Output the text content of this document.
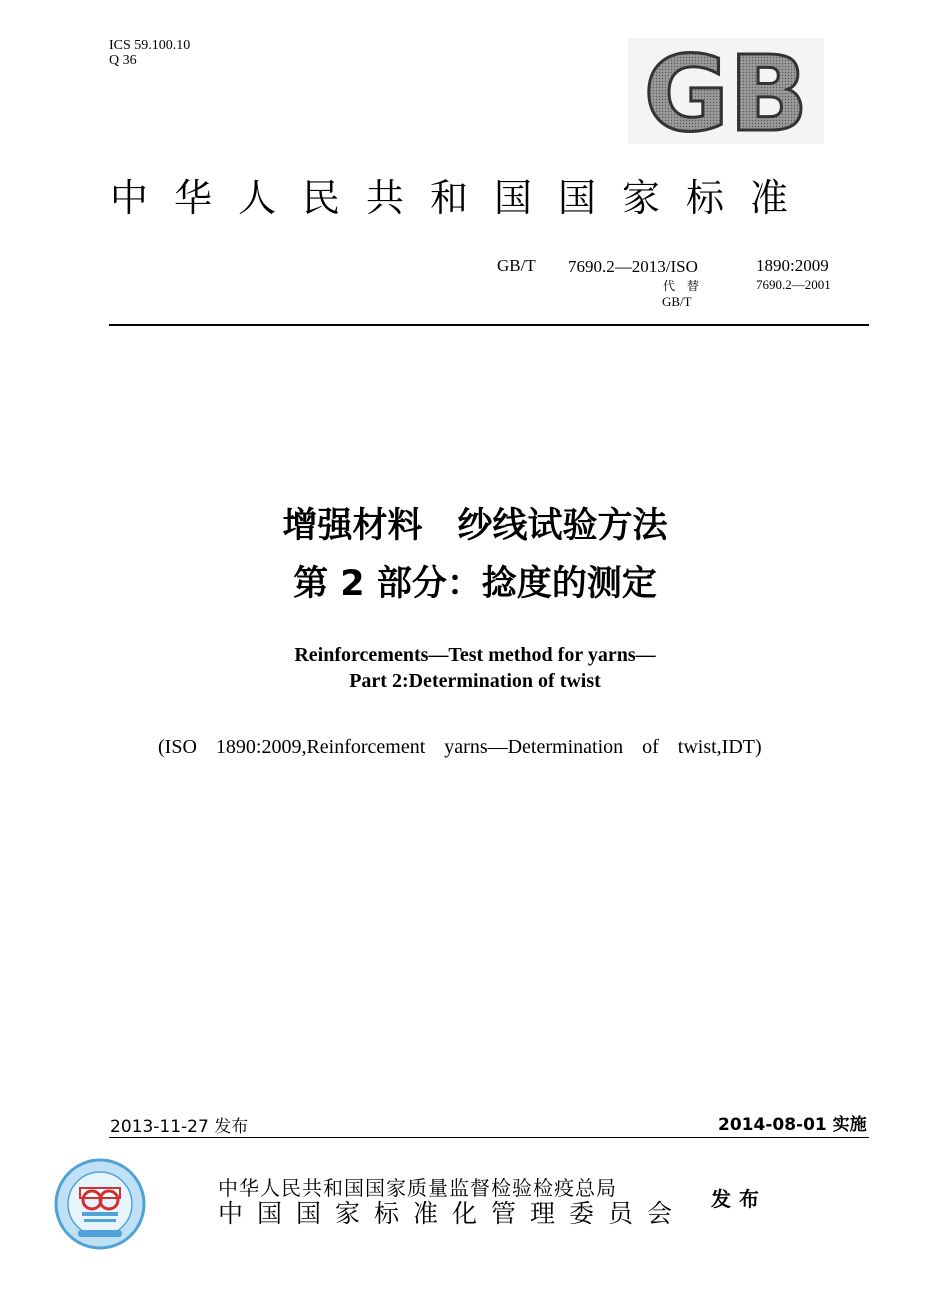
ICS 59.100.10
Q 36	GB
中华人民共和国国家标准
GB/T 7690.2—2013/ISO	1890:2009
代 替
GB/T
7690.2—2001
增强材料　纱线试验方法
第 2 部分：捻度的测定
Reinforcements—Test method for yarns—
Part 2:Determination of twist
(ISO 1890:2009,Reinforcement yarns—Determination of twist,IDT)
2013-11-27 发布	2014-08-01 实施
中华人民共和国国家质量监督检验检疫总局
中国国家标准化管理委员会	发布
